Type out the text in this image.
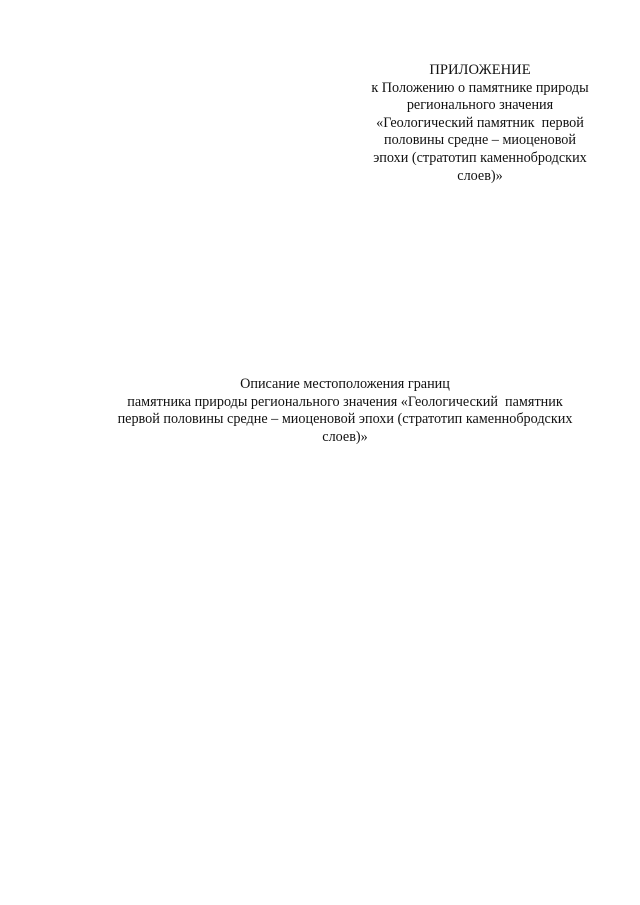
ПРИЛОЖЕНИЕ
к Положению о памятнике природы
регионального значения
«Геологический памятник  первой
половины средне – миоценовой
эпохи (стратотип каменнобродских
слоев)»
Описание местоположения границ
памятника природы регионального значения «Геологический  памятник
первой половины средне – миоценовой эпохи (стратотип каменнобродских
слоев)»
